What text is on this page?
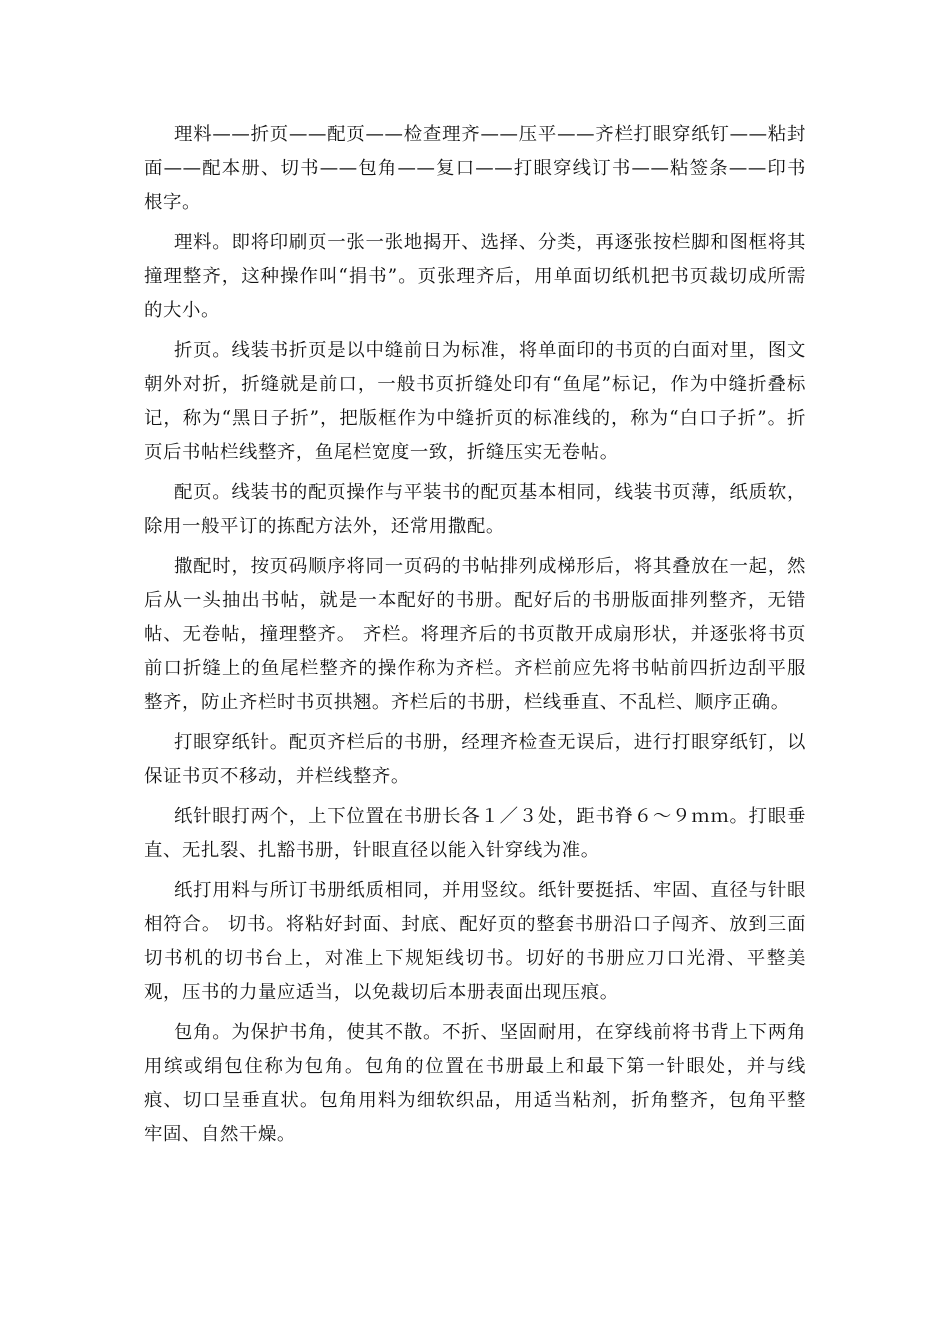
理料——折页——配页——检查理齐——压平——齐栏打眼穿纸钉——粘封面——配本册、切书——包角——复口——打眼穿线订书——粘签条——印书根字。

理料。即将印刷页一张一张地揭开、选择、分类，再逐张按栏脚和图框将其撞理整齐，这种操作叫“捐书”。页张理齐后，用单面切纸机把书页裁切成所需的大小。

折页。线装书折页是以中缝前日为标准，将单面印的书页的白面对里，图文朝外对折，折缝就是前口，一般书页折缝处印有“鱼尾”标记，作为中缝折叠标记，称为“黑日子折”，把版框作为中缝折页的标准线的，称为“白口子折”。折页后书帖栏线整齐，鱼尾栏宽度一致，折缝压实无卷帖。

配页。线装书的配页操作与平装书的配页基本相同，线装书页薄，纸质软，除用一般平订的拣配方法外，还常用撒配。

撒配时，按页码顺序将同一页码的书帖排列成梯形后，将其叠放在一起，然后从一头抽出书帖，就是一本配好的书册。配好后的书册版面排列整齐，无错帖、无卷帖，撞理整齐。 齐栏。将理齐后的书页散开成扇形状，并逐张将书页前口折缝上的鱼尾栏整齐的操作称为齐栏。齐栏前应先将书帖前四折边刮平服整齐，防止齐栏时书页拱翘。齐栏后的书册，栏线垂直、不乱栏、顺序正确。

打眼穿纸针。配页齐栏后的书册，经理齐检查无误后，进行打眼穿纸钉，以保证书页不移动，并栏线整齐。

纸针眼打两个，上下位置在书册长各１／３处，距书脊６～９ｍｍ。打眼垂直、无扎裂、扎豁书册，针眼直径以能入针穿线为准。

纸打用料与所订书册纸质相同，并用竖纹。纸针要挺括、牢固、直径与针眼相符合。 切书。将粘好封面、封底、配好页的整套书册沿口子闯齐、放到三面切书机的切书台上，对准上下规矩线切书。切好的书册应刀口光滑、平整美观，压书的力量应适当，以免裁切后本册表面出现压痕。

包角。为保护书角，使其不散。不折、坚固耐用，在穿线前将书背上下两角用缤或绢包住称为包角。包角的位置在书册最上和最下第一针眼处，并与线痕、切口呈垂直状。包角用料为细软织品，用适当粘剂，折角整齐，包角平整牢固、自然干燥。
